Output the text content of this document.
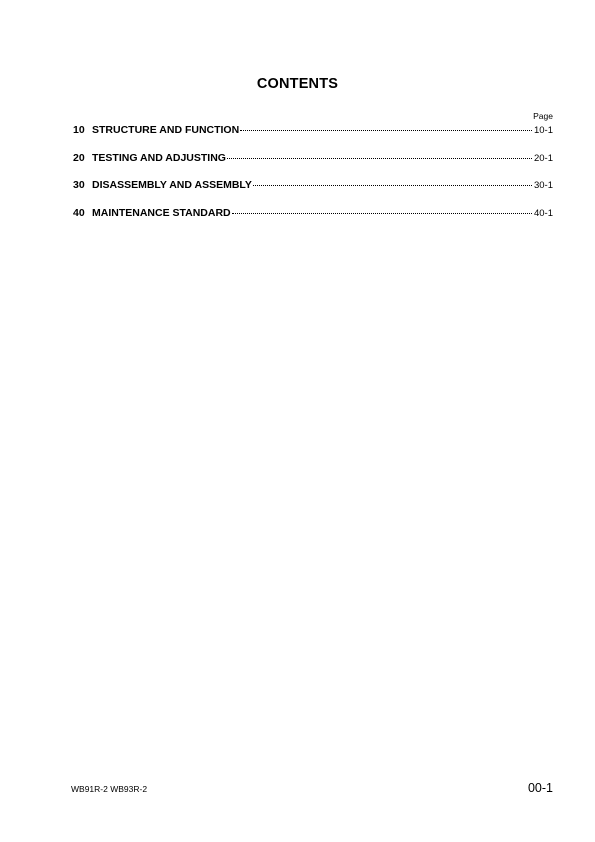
CONTENTS
Page
10 STRUCTURE AND FUNCTION	10-1
20 TESTING AND ADJUSTING	20-1
30 DISASSEMBLY AND ASSEMBLY	30-1
40 MAINTENANCE STANDARD	40-1
WB91R-2 WB93R-2	00-1
